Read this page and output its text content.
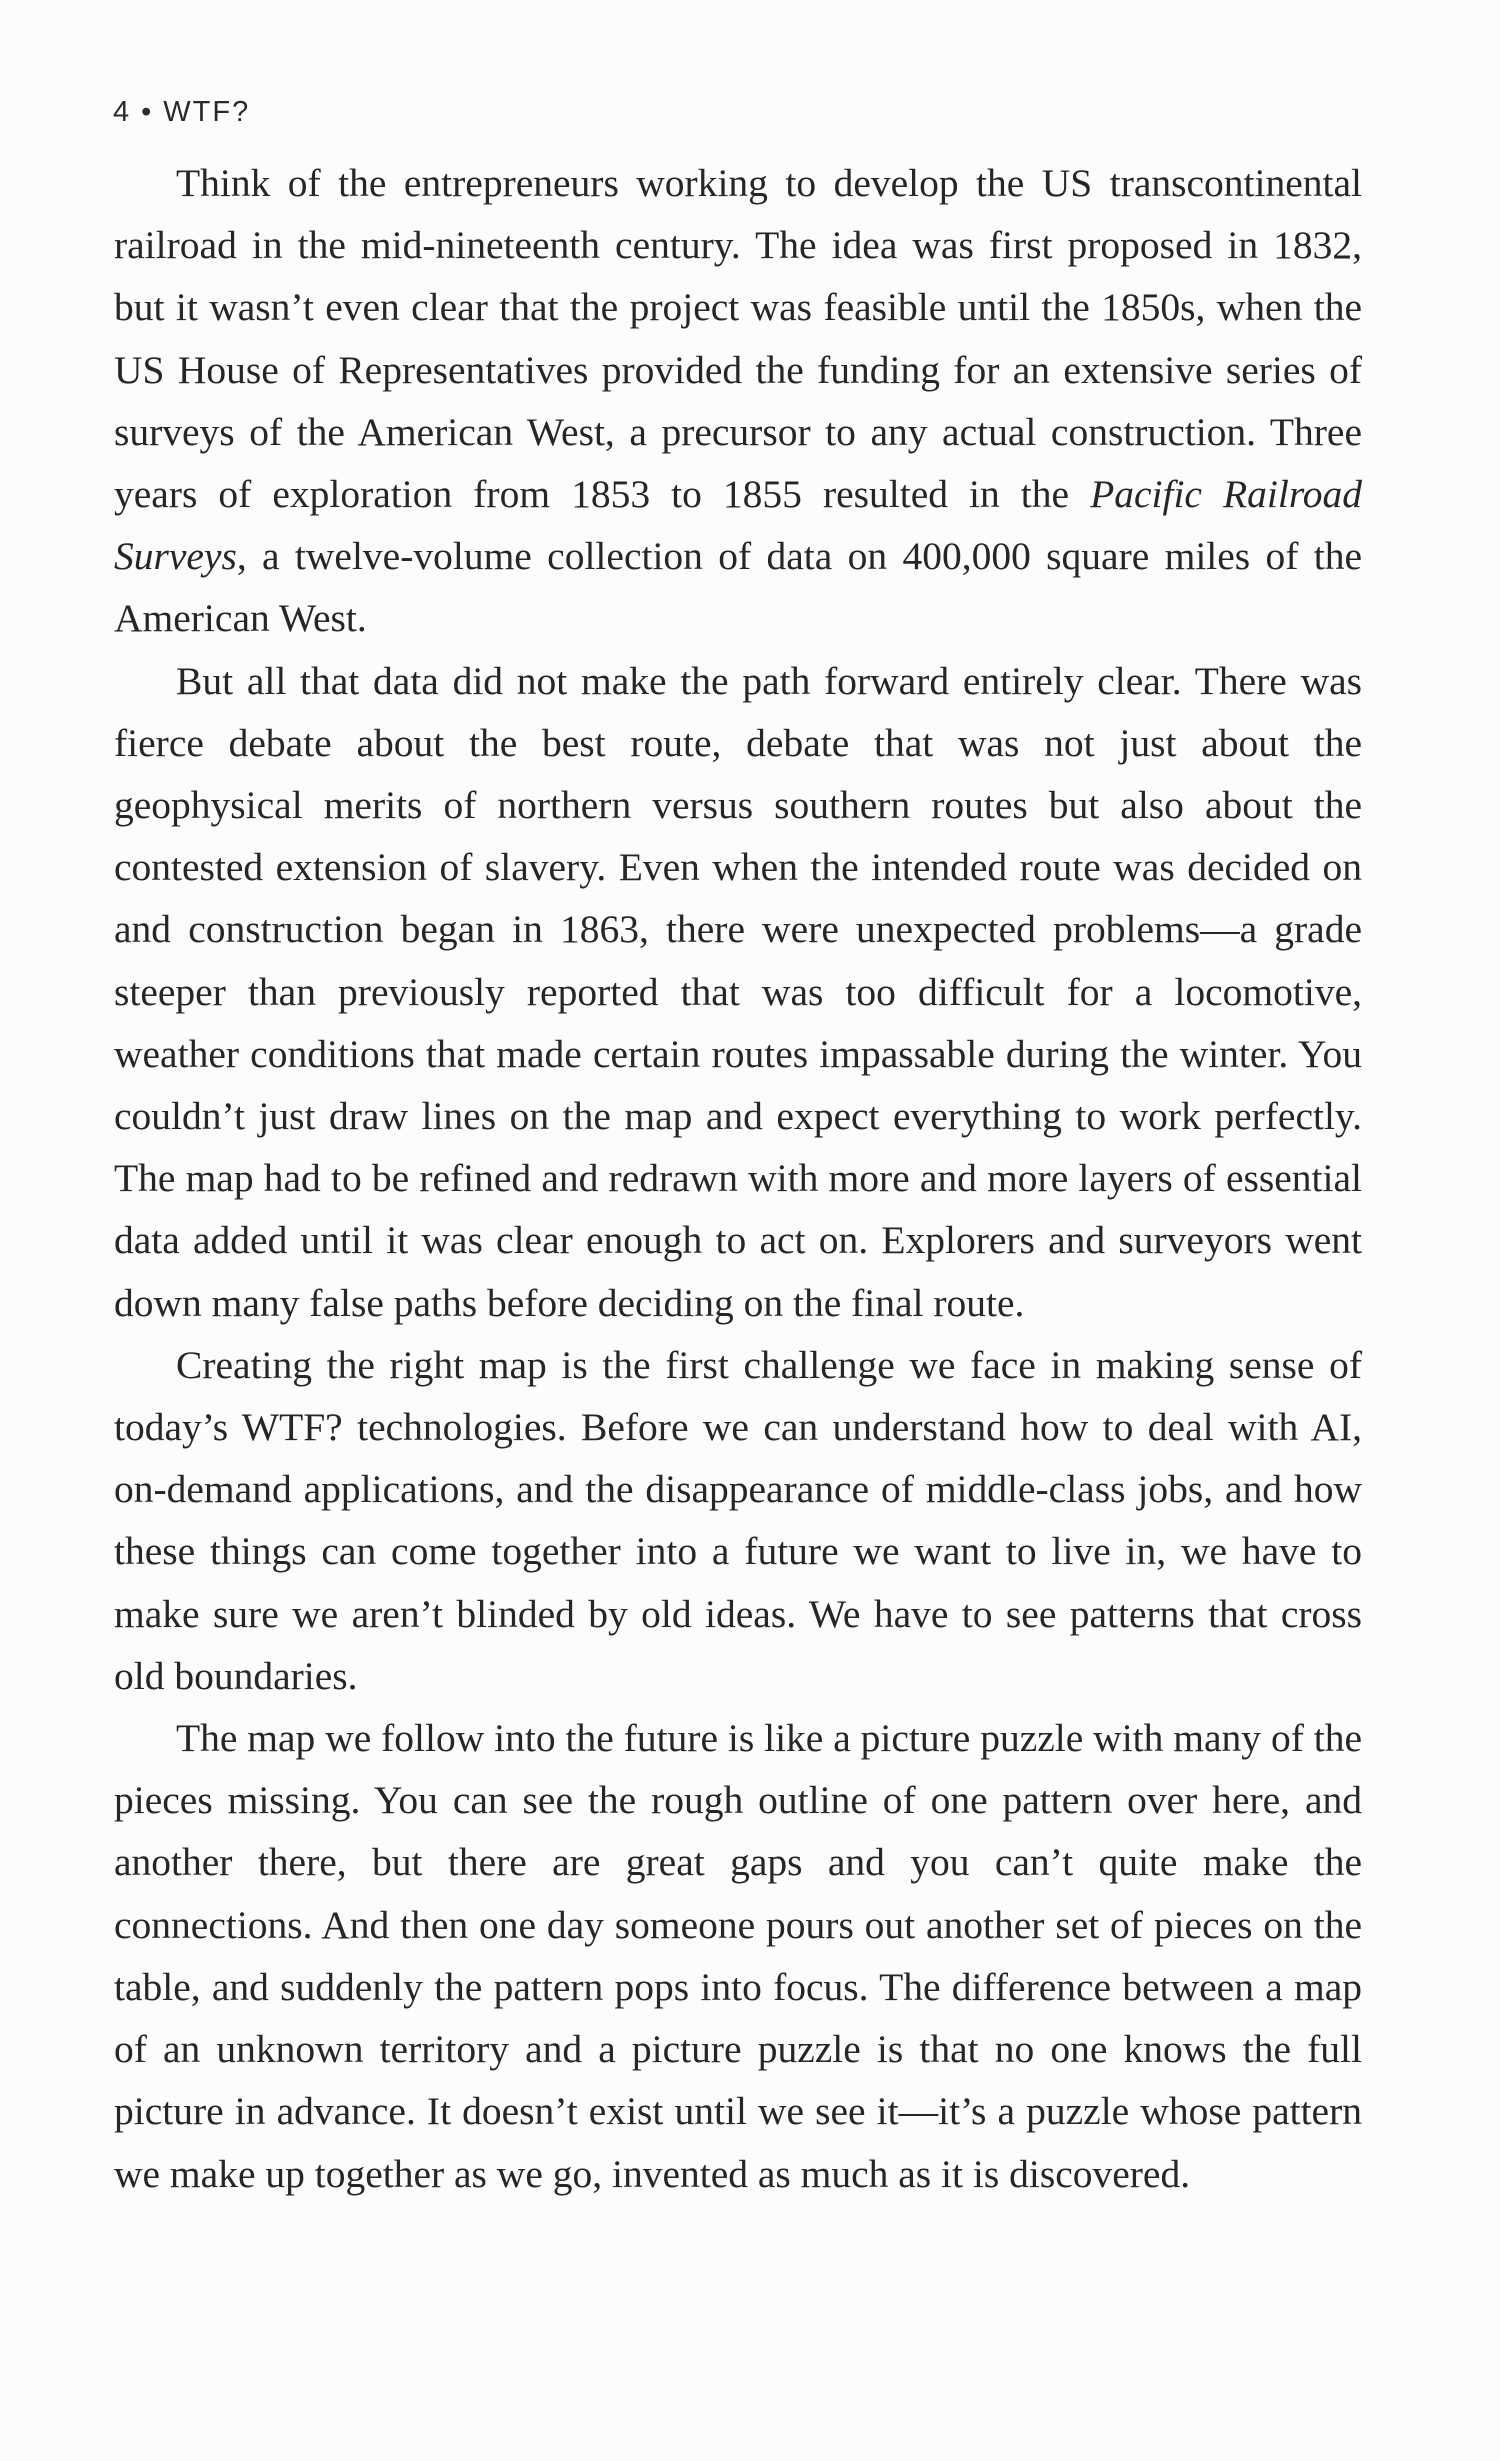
4 • WTF?

Think of the entrepreneurs working to develop the US transcontinental railroad in the mid-nineteenth century. The idea was first proposed in 1832, but it wasn’t even clear that the project was feasible until the 1850s, when the US House of Representatives provided the funding for an extensive series of surveys of the American West, a precursor to any actual construction. Three years of exploration from 1853 to 1855 resulted in the Pacific Railroad Surveys, a twelve-volume collection of data on 400,000 square miles of the American West.

But all that data did not make the path forward entirely clear. There was fierce debate about the best route, debate that was not just about the geophysical merits of northern versus southern routes but also about the contested extension of slavery. Even when the intended route was decided on and construction began in 1863, there were unexpected problems—a grade steeper than previously reported that was too difficult for a locomotive, weather conditions that made certain routes impassable during the winter. You couldn’t just draw lines on the map and expect everything to work perfectly. The map had to be refined and redrawn with more and more layers of essential data added until it was clear enough to act on. Explorers and surveyors went down many false paths before deciding on the final route.

Creating the right map is the first challenge we face in making sense of today’s WTF? technologies. Before we can understand how to deal with AI, on-demand applications, and the disappearance of middle-class jobs, and how these things can come together into a future we want to live in, we have to make sure we aren’t blinded by old ideas. We have to see patterns that cross old boundaries.

The map we follow into the future is like a picture puzzle with many of the pieces missing. You can see the rough outline of one pattern over here, and another there, but there are great gaps and you can’t quite make the connections. And then one day someone pours out another set of pieces on the table, and suddenly the pattern pops into focus. The difference between a map of an unknown territory and a picture puzzle is that no one knows the full picture in advance. It doesn’t exist until we see it—it’s a puzzle whose pattern we make up together as we go, invented as much as it is discovered.
